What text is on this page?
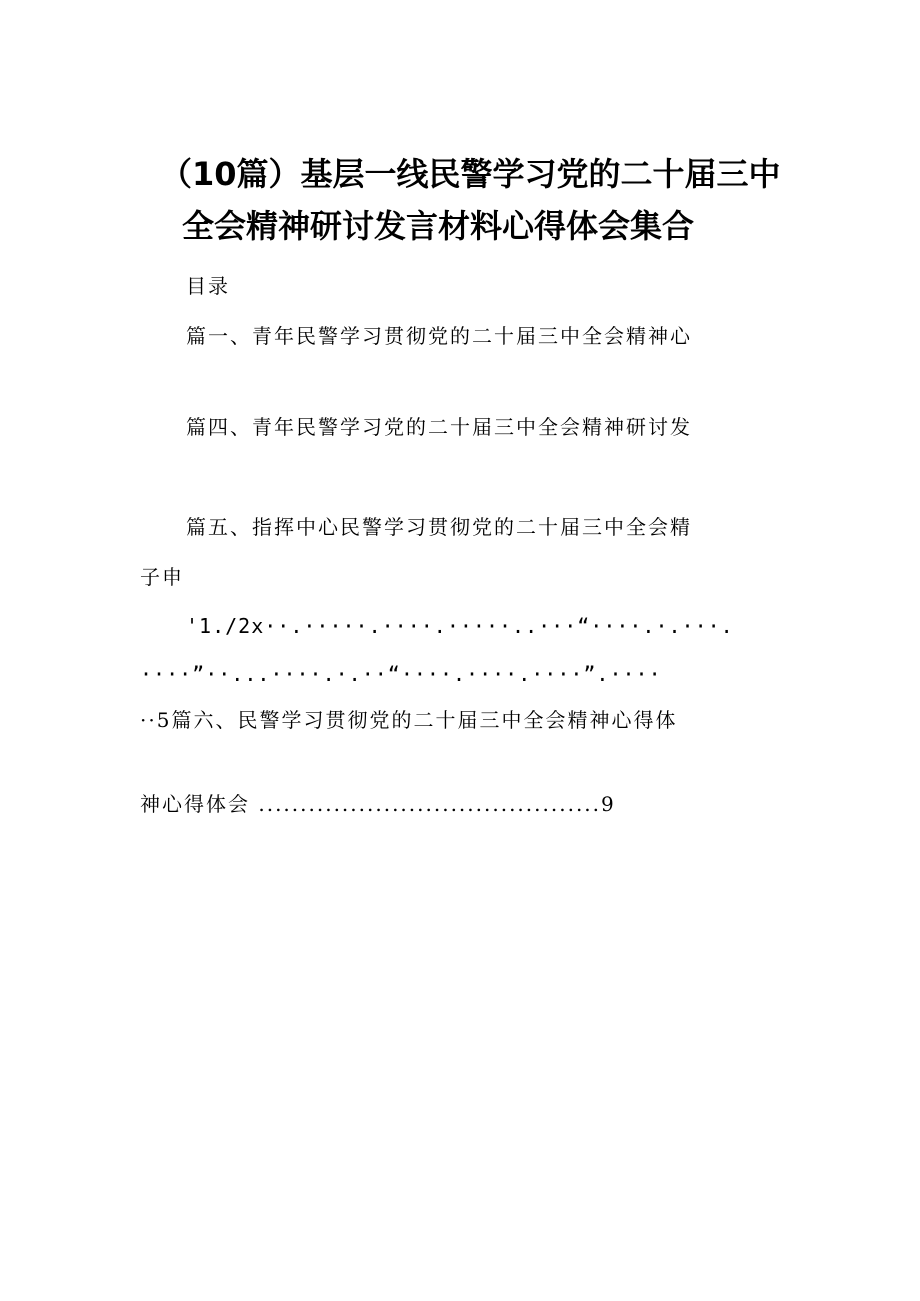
（10篇）基层一线民警学习党的二十届三中
全会精神研讨发言材料心得体会集合
目录
篇一、青年民警学习贯彻党的二十届三中全会精神心
篇四、青年民警学习党的二十届三中全会精神研讨发
篇五、指挥中心民警学习贯彻党的二十届三中全会精
子申
'1./2x··.·····.····.·····..···“····.·.···.
····”··...····.·.··“····.····.····”.····
··5篇六、民警学习贯彻党的二十届三中全会精神心得体
神心得体会 .........................................9
